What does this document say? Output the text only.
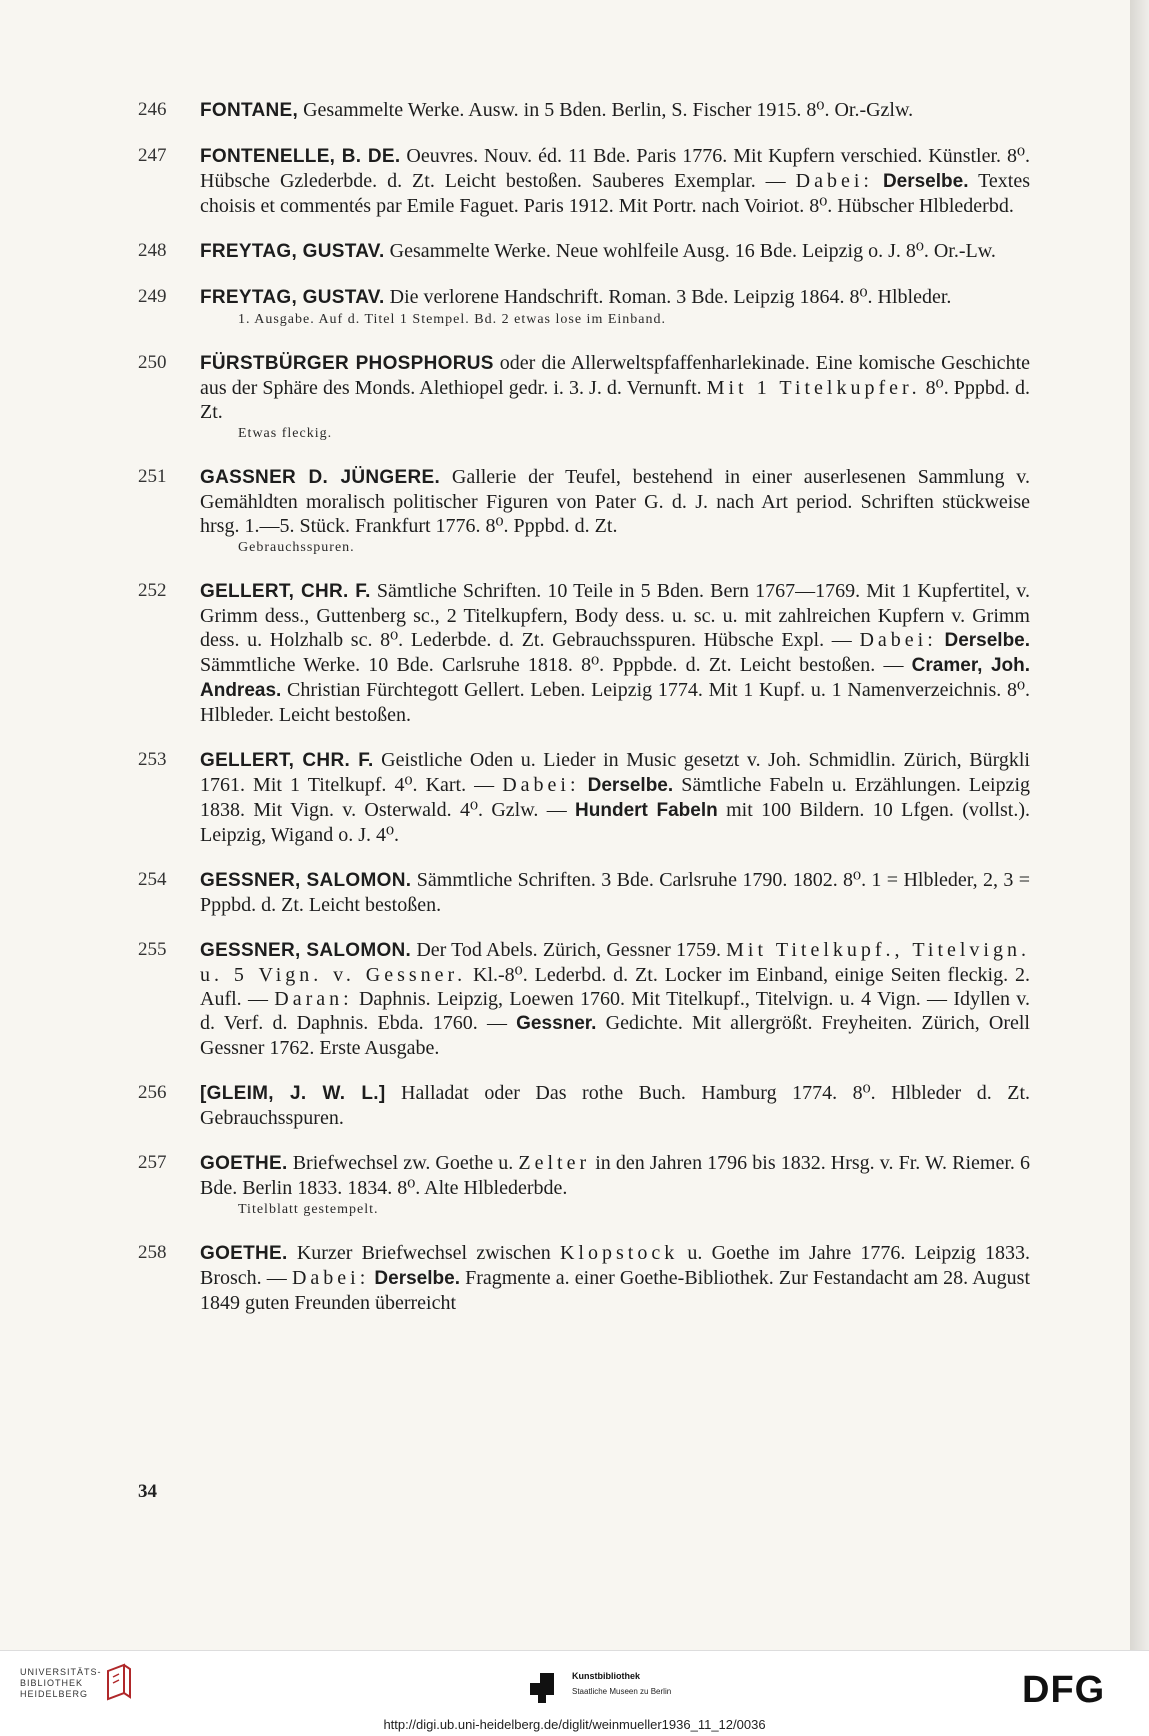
246 FONTANE, Gesammelte Werke. Ausw. in 5 Bden. Berlin, S. Fischer 1915. 8⁰. Or.-Gzlw.
247 FONTENELLE, B. DE. Oeuvres. Nouv. éd. 11 Bde. Paris 1776. Mit Kupfern verschied. Künstler. 8⁰. Hübsche Gzlederbde. d. Zt. Leicht bestoßen. Sauberes Exemplar. — Dabei: Derselbe. Textes choisis et commentés par Emile Faguet. Paris 1912. Mit Portr. nach Voiriot. 8⁰. Hübscher Hlblederbd.
248 FREYTAG, GUSTAV. Gesammelte Werke. Neue wohlfeile Ausg. 16 Bde. Leipzig o. J. 8⁰. Or.-Lw.
249 FREYTAG, GUSTAV. Die verlorene Handschrift. Roman. 3 Bde. Leipzig 1864. 8⁰. Hlbleder.
1. Ausgabe. Auf d. Titel 1 Stempel. Bd. 2 etwas lose im Einband.
250 FÜRSTBÜRGER PHOSPHORUS oder die Allerweltspfaffenharlekinade. Eine komische Geschichte aus der Sphäre des Monds. Alethiopel gedr. i. 3. J. d. Vernunft. Mit 1 Titelkupfer. 8⁰. Pppbd. d. Zt.
Etwas fleckig.
251 GASSNER D. JÜNGERE. Gallerie der Teufel, bestehend in einer auserlesenen Sammlung v. Gemähldten moralisch politischer Figuren von Pater G. d. J. nach Art period. Schriften stückweise hrsg. 1.—5. Stück. Frankfurt 1776. 8⁰. Pppbd. d. Zt.
Gebrauchsspuren.
252 GELLERT, CHR. F. Sämtliche Schriften. 10 Teile in 5 Bden. Bern 1767—1769. Mit 1 Kupfertitel, v. Grimm dess., Guttenberg sc., 2 Titelkupfern, Body dess. u. sc. u. mit zahlreichen Kupfern v. Grimm dess. u. Holzhalb sc. 8⁰. Lederbde. d. Zt. Gebrauchsspuren. Hübsche Expl. — Dabei: Derselbe. Sämmtliche Werke. 10 Bde. Carlsruhe 1818. 8⁰. Pppbde. d. Zt. Leicht bestoßen. — Cramer, Joh. Andreas. Christian Fürchtegott Gellert. Leben. Leipzig 1774. Mit 1 Kupf. u. 1 Namenverzeichnis. 8⁰. Hlbleder. Leicht bestoßen.
253 GELLERT, CHR. F. Geistliche Oden u. Lieder in Music gesetzt v. Joh. Schmidlin. Zürich, Bürgkli 1761. Mit 1 Titelkupf. 4⁰. Kart. — Dabei: Derselbe. Sämtliche Fabeln u. Erzählungen. Leipzig 1838. Mit Vign. v. Osterwald. 4⁰. Gzlw. — Hundert Fabeln mit 100 Bildern. 10 Lfgen. (vollst.). Leipzig, Wigand o. J. 4⁰.
254 GESSNER, SALOMON. Sämmtliche Schriften. 3 Bde. Carlsruhe 1790. 1802. 8⁰. 1 = Hlbleder, 2, 3 = Pppbd. d. Zt. Leicht bestoßen.
255 GESSNER, SALOMON. Der Tod Abels. Zürich, Gessner 1759. Mit Titelkupf., Titelvign. u. 5 Vign. v. Gessner. Kl.-8⁰. Lederbd. d. Zt. Locker im Einband, einige Seiten fleckig. 2. Aufl. — Daran: Daphnis. Leipzig, Loewen 1760. Mit Titelkupf., Titelvign. u. 4 Vign. — Idyllen v. d. Verf. d. Daphnis. Ebda. 1760. — Gessner. Gedichte. Mit allergrößt. Freyheiten. Zürich, Orell Gessner 1762. Erste Ausgabe.
256 [GLEIM, J. W. L.] Halladat oder Das rothe Buch. Hamburg 1774. 8⁰. Hlbleder d. Zt. Gebrauchsspuren.
257 GOETHE. Briefwechsel zw. Goethe u. Zelter in den Jahren 1796 bis 1832. Hrsg. v. Fr. W. Riemer. 6 Bde. Berlin 1833. 1834. 8⁰. Alte Hlblederbde.
Titelblatt gestempelt.
258 GOETHE. Kurzer Briefwechsel zwischen Klopstock u. Goethe im Jahre 1776. Leipzig 1833. Brosch. — Dabei: Derselbe. Fragmente a. einer Goethe-Bibliothek. Zur Festandacht am 28. August 1849 guten Freunden überreicht
34
UNIVERSITÄTS-
BIBLIOTHEK
HEIDELBERG
Kunstbibliothek
Staatliche Museen zu Berlin	DFG
http://digi.ub.uni-heidelberg.de/diglit/weinmueller1936_11_12/0036
